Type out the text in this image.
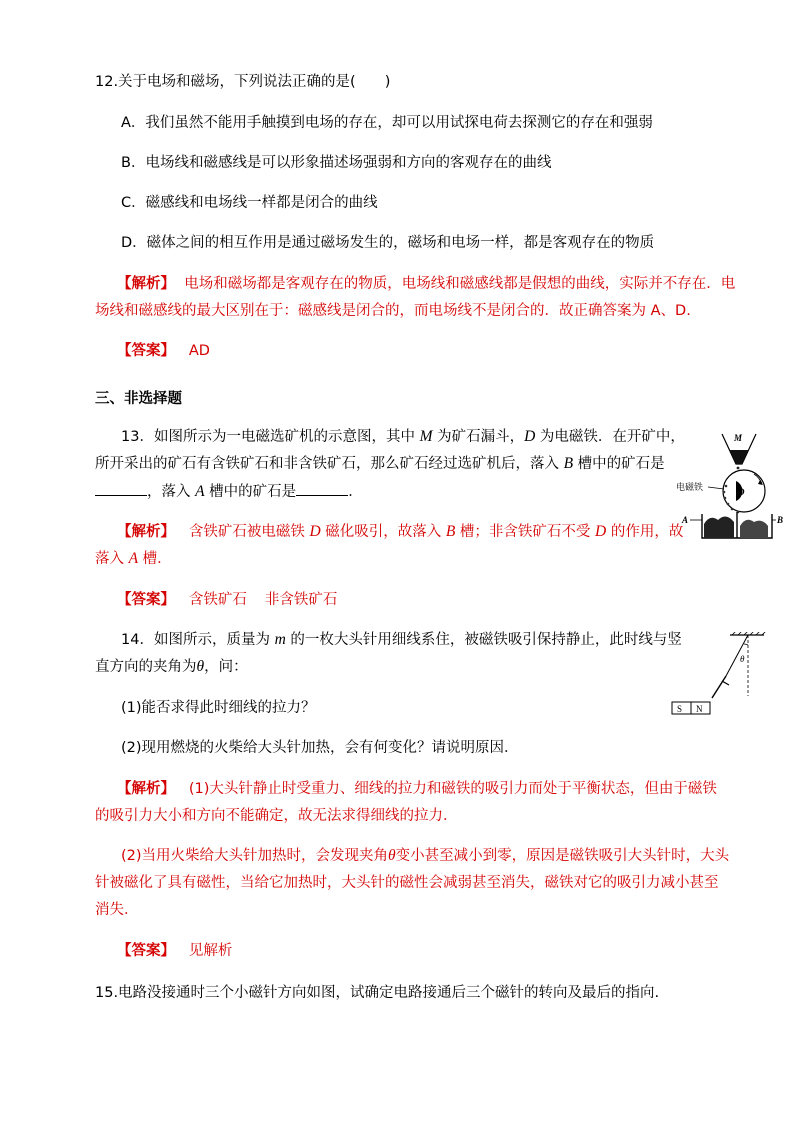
12.关于电场和磁场，下列说法正确的是(　　)
A．我们虽然不能用手触摸到电场的存在，却可以用试探电荷去探测它的存在和强弱
B．电场线和磁感线是可以形象描述场强弱和方向的客观存在的曲线
C．磁感线和电场线一样都是闭合的曲线
D．磁体之间的相互作用是通过磁场发生的，磁场和电场一样，都是客观存在的物质
【解析】 电场和磁场都是客观存在的物质，电场线和磁感线都是假想的曲线，实际并不存在．电
场线和磁感线的最大区别在于：磁感线是闭合的，而电场线不是闭合的．故正确答案为 A、D.
【答案】 AD
三、非选择题
13．如图所示为一电磁选矿机的示意图，其中 M 为矿石漏斗，D 为电磁铁．在开矿中，
所开采出的矿石有含铁矿石和非含铁矿石，那么矿石经过选矿机后，落入 B 槽中的矿石是
，落入 A 槽中的矿石是	．
【解析】 含铁矿石被电磁铁 D 磁化吸引，故落入 B 槽；非含铁矿石不受 D 的作用，故
落入 A 槽．
【答案】 含铁矿石 非含铁矿石
M
D
电磁铁
A	B
14．如图所示，质量为 m 的一枚大头针用细线系住，被磁铁吸引保持静止，此时线与竖
直方向的夹角为θ，问：
(1)能否求得此时细线的拉力？
(2)现用燃烧的火柴给大头针加热，会有何变化？请说明原因．
【解析】 (1)大头针静止时受重力、细线的拉力和磁铁的吸引力而处于平衡状态，但由于磁铁
的吸引力大小和方向不能确定，故无法求得细线的拉力．
(2)当用火柴给大头针加热时，会发现夹角θ变小甚至减小到零，原因是磁铁吸引大头针时，大头
针被磁化了具有磁性，当给它加热时，大头针的磁性会减弱甚至消失，磁铁对它的吸引力减小甚至
消失．
【答案】 见解析
θ
S N
15.电路没接通时三个小磁针方向如图，试确定电路接通后三个磁针的转向及最后的指向.
